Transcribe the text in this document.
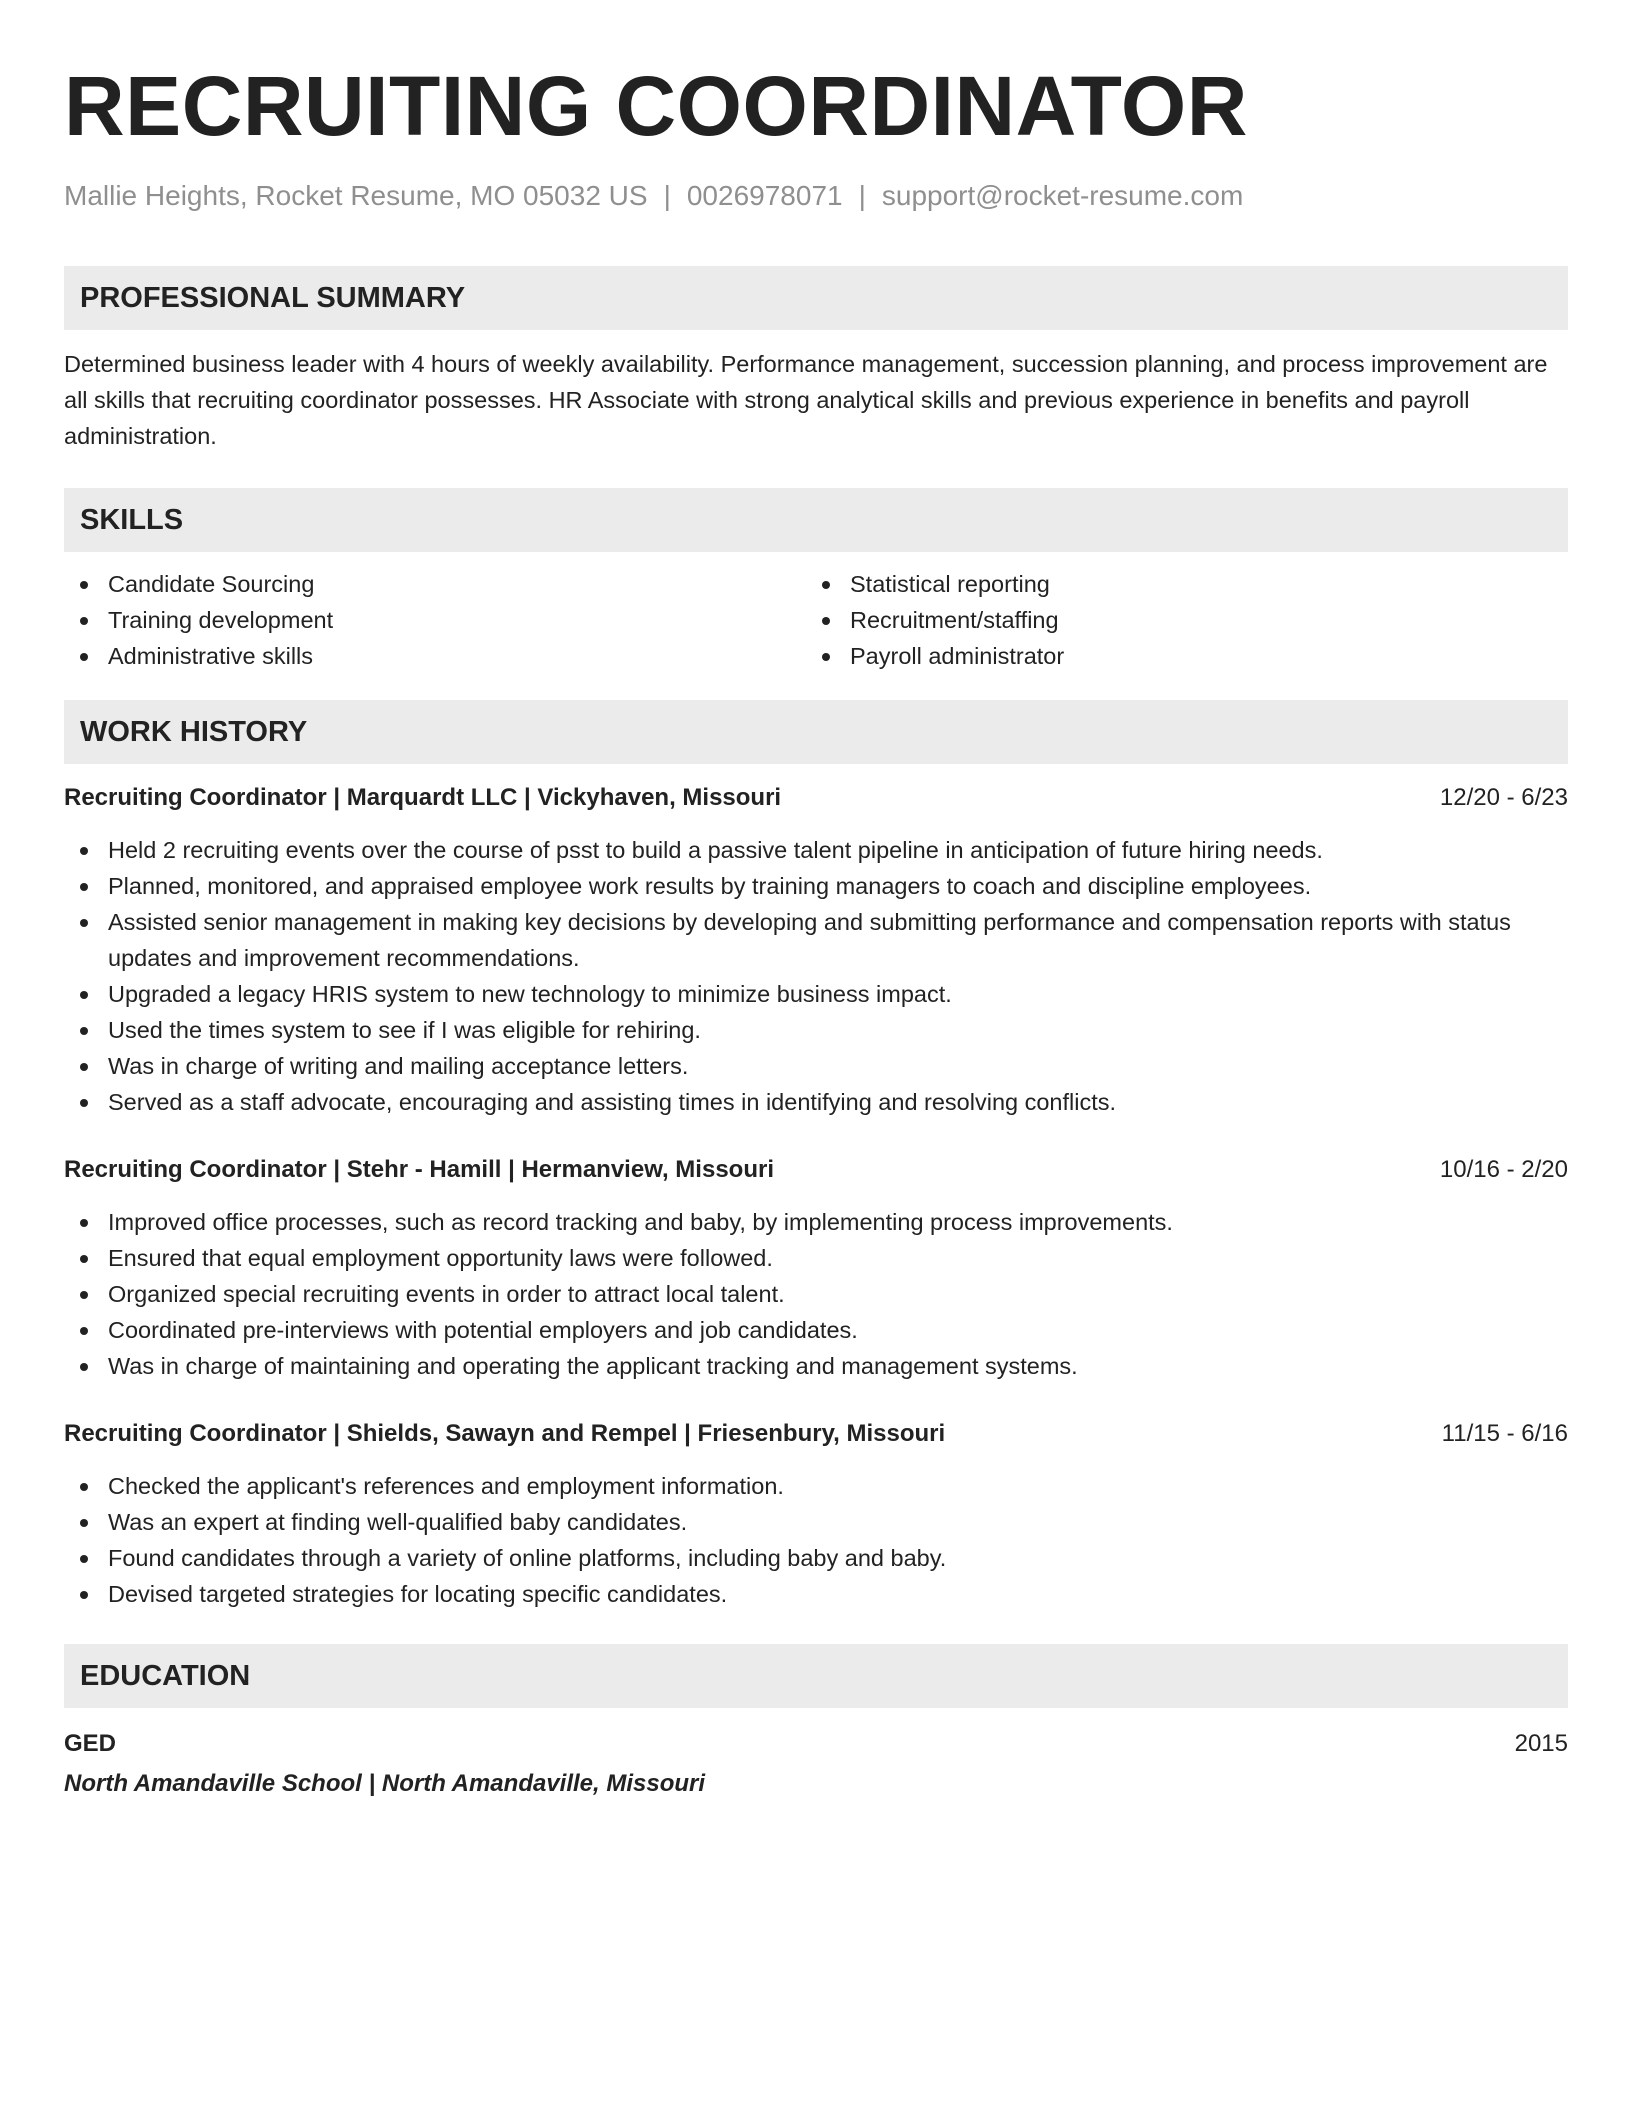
RECRUITING COORDINATOR
Mallie Heights, Rocket Resume, MO 05032 US | 0026978071 | support@rocket-resume.com
PROFESSIONAL SUMMARY
Determined business leader with 4 hours of weekly availability. Performance management, succession planning, and process improvement are all skills that recruiting coordinator possesses. HR Associate with strong analytical skills and previous experience in benefits and payroll administration.
SKILLS
Candidate Sourcing
Training development
Administrative skills
Statistical reporting
Recruitment/staffing
Payroll administrator
WORK HISTORY
Recruiting Coordinator | Marquardt LLC | Vickyhaven, Missouri	12/20 - 6/23
Held 2 recruiting events over the course of psst to build a passive talent pipeline in anticipation of future hiring needs.
Planned, monitored, and appraised employee work results by training managers to coach and discipline employees.
Assisted senior management in making key decisions by developing and submitting performance and compensation reports with status updates and improvement recommendations.
Upgraded a legacy HRIS system to new technology to minimize business impact.
Used the times system to see if I was eligible for rehiring.
Was in charge of writing and mailing acceptance letters.
Served as a staff advocate, encouraging and assisting times in identifying and resolving conflicts.
Recruiting Coordinator | Stehr - Hamill | Hermanview, Missouri	10/16 - 2/20
Improved office processes, such as record tracking and baby, by implementing process improvements.
Ensured that equal employment opportunity laws were followed.
Organized special recruiting events in order to attract local talent.
Coordinated pre-interviews with potential employers and job candidates.
Was in charge of maintaining and operating the applicant tracking and management systems.
Recruiting Coordinator | Shields, Sawayn and Rempel | Friesenbury, Missouri	11/15 - 6/16
Checked the applicant's references and employment information.
Was an expert at finding well-qualified baby candidates.
Found candidates through a variety of online platforms, including baby and baby.
Devised targeted strategies for locating specific candidates.
EDUCATION
GED	2015
North Amandaville School | North Amandaville, Missouri
